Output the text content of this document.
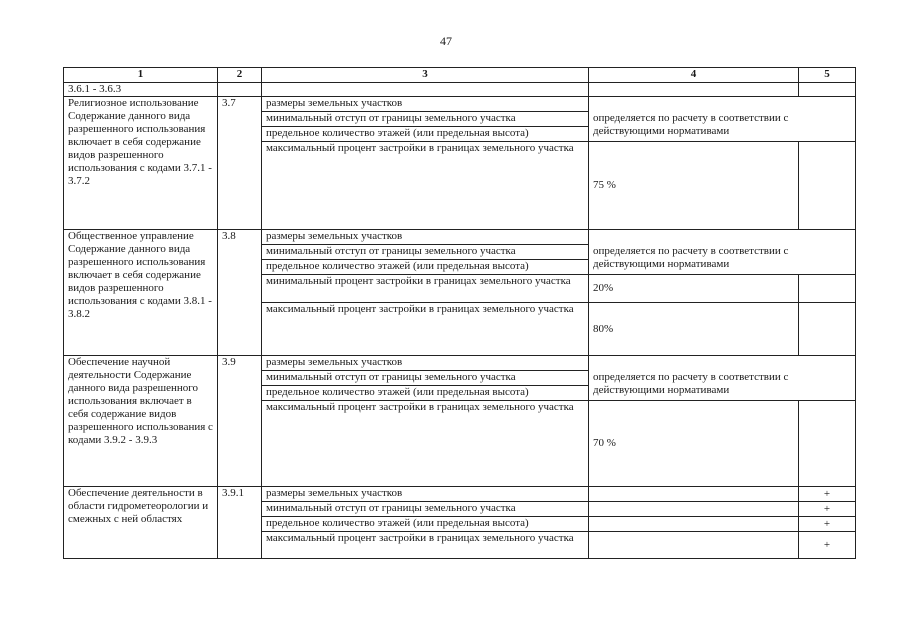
47
1	2	3	4	5
3.6.1 - 3.6.3				
Религиозное использование Содержание данного вида разрешенного использования включает в себя содержание видов разрешенного использования с кодами 3.7.1 - 3.7.2	3.7	размеры земельных участков		
		минимальный отступ от границы земельного участка	определяется по расчету в соответствии с действующими нормативами	
		предельное количество этажей (или предельная высота)		
		максимальный процент застройки в границах земельного участка	75 %	
Общественное управление Содержание данного вида разрешенного использования включает в себя содержание видов разрешенного использования с кодами 3.8.1 - 3.8.2	3.8	размеры земельных участков		
		минимальный отступ от границы земельного участка	определяется по расчету в соответствии с действующими нормативами	
		предельное количество этажей (или предельная высота)		
		минимальный процент застройки в границах земельного участка	20%	
		максимальный процент застройки в границах земельного участка	80%	
Обеспечение научной деятельности Содержание данного вида разрешенного использования включает в себя содержание видов разрешенного использования с кодами 3.9.2 - 3.9.3	3.9	размеры земельных участков		
		минимальный отступ от границы земельного участка	определяется по расчету в соответствии с действующими нормативами	
		предельное количество этажей (или предельная высота)		
		максимальный процент застройки в границах земельного участка	70 %	
Обеспечение деятельности в области гидрометеорологии и смежных с ней областях	3.9.1	размеры земельных участков		+
		минимальный отступ от границы земельного участка		+
		предельное количество этажей (или предельная высота)		+
		максимальный процент застройки в границах земельного участка		+
